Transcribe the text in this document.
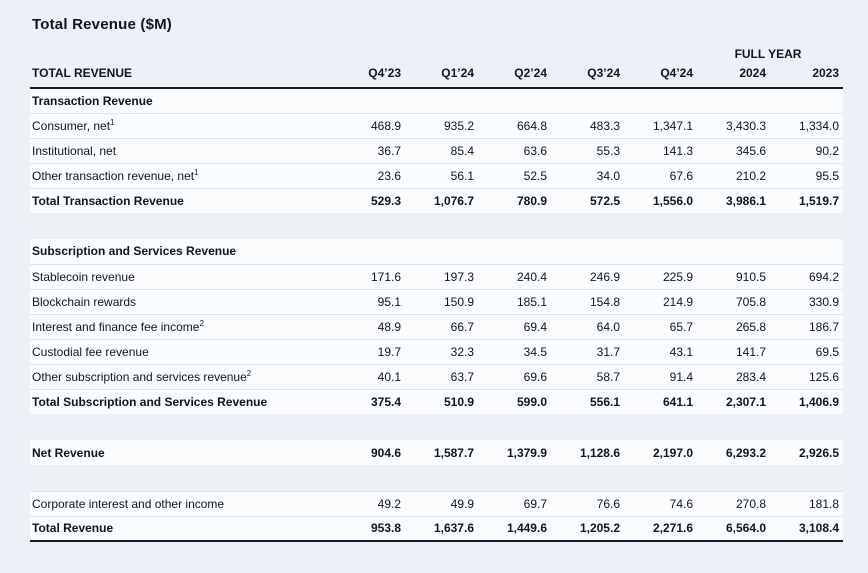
Total Revenue ($M)
						FULL YEAR	
TOTAL REVENUE	Q4’23	Q1’24	Q2’24	Q3’24	Q4’24	2024	2023
Transaction Revenue							
Consumer, net$^1$	468.9	935.2	664.8	483.3	1,347.1	3,430.3	1,334.0
Institutional, net	36.7	85.4	63.6	55.3	141.3	345.6	90.2
Other transaction revenue, net$^1$	23.6	56.1	52.5	34.0	67.6	210.2	95.5
Total Transaction Revenue	529.3	1,076.7	780.9	572.5	1,556.0	3,986.1	1,519.7

Subscription and Services Revenue							
Stablecoin revenue	171.6	197.3	240.4	246.9	225.9	910.5	694.2
Blockchain rewards	95.1	150.9	185.1	154.8	214.9	705.8	330.9
Interest and finance fee income$^2$	48.9	66.7	69.4	64.0	65.7	265.8	186.7
Custodial fee revenue	19.7	32.3	34.5	31.7	43.1	141.7	69.5
Other subscription and services revenue$^2$	40.1	63.7	69.6	58.7	91.4	283.4	125.6
Total Subscription and Services Revenue	375.4	510.9	599.0	556.1	641.1	2,307.1	1,406.9

Net Revenue	904.6	1,587.7	1,379.9	1,128.6	2,197.0	6,293.2	2,926.5

Corporate interest and other income	49.2	49.9	69.7	76.6	74.6	270.8	181.8
Total Revenue	953.8	1,637.6	1,449.6	1,205.2	2,271.6	6,564.0	3,108.4
